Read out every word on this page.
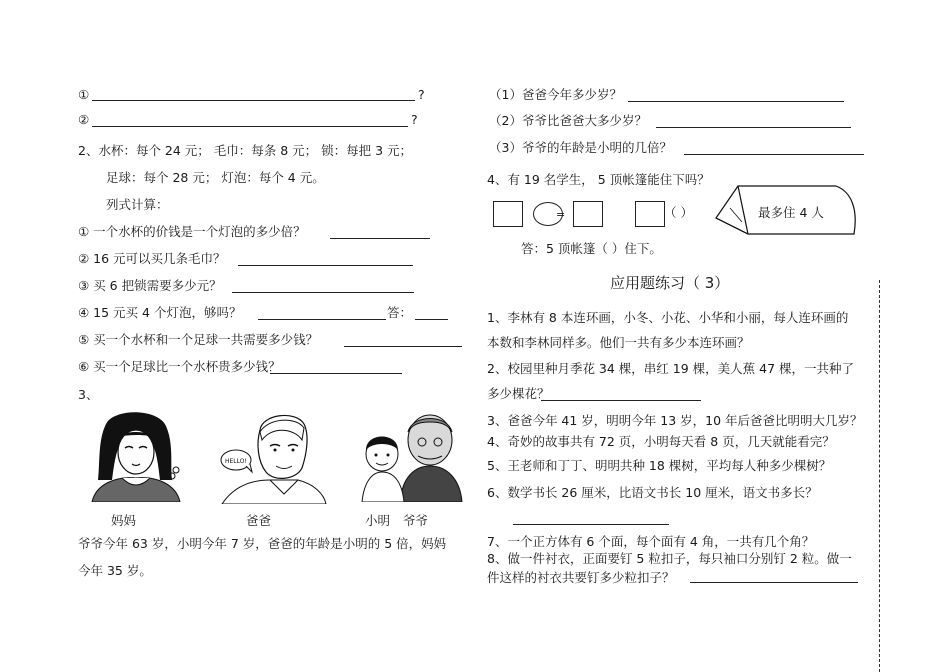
①	?
②	?
2、水杯：每个 24 元； 毛巾：每条 8 元； 锁：每把 3 元；
足球：每个 28 元； 灯泡：每个 4 元。
列式计算：
① 一个水杯的价钱是一个灯泡的多少倍？
② 16 元可以买几条毛巾？
③ 买 6 把锁需要多少元？
④ 15 元买 4 个灯泡，够吗？	答：
⑤ 买一个水杯和一个足球一共需要多少钱？
⑥ 买一个足球比一个水杯贵多少钱？
3、
妈妈
HELLO!
爸爸	小明 爷爷
爷爷今年 63 岁，小明今年 7 岁，爸爸的年龄是小明的 5 倍，妈妈
今年 35 岁。
（1）爸爸今年多少岁？
（2）爷爷比爸爸大多少岁？
（3）爷爷的年龄是小明的几倍？
4、有 19 名学生， 5 顶帐篷能住下吗？
=	（ ）	最多住 4 人
答：5 顶帐篷（ ）住下。
应用题练习（ 3）
1、李林有 8 本连环画，小冬、小花、小华和小丽，每人连环画的
本数和李林同样多。他们一共有多少本连环画？
2、校园里种月季花 34 棵，串红 19 棵，美人蕉 47 棵，一共种了
多少棵花？
3、爸爸今年 41 岁，明明今年 13 岁，10 年后爸爸比明明大几岁？
4、奇妙的故事共有 72 页，小明每天看 8 页，几天就能看完？
5、王老师和丁丁、明明共种 18 棵树，平均每人种多少棵树？
6、数学书长 26 厘米，比语文书长 10 厘米，语文书多长？
7、一个正方体有 6 个面，每个面有 4 角，一共有几个角？
8、做一件衬衣，正面要钉 5 粒扣子，每只袖口分别钉 2 粒。做一
件这样的衬衣共要钉多少粒扣子？
